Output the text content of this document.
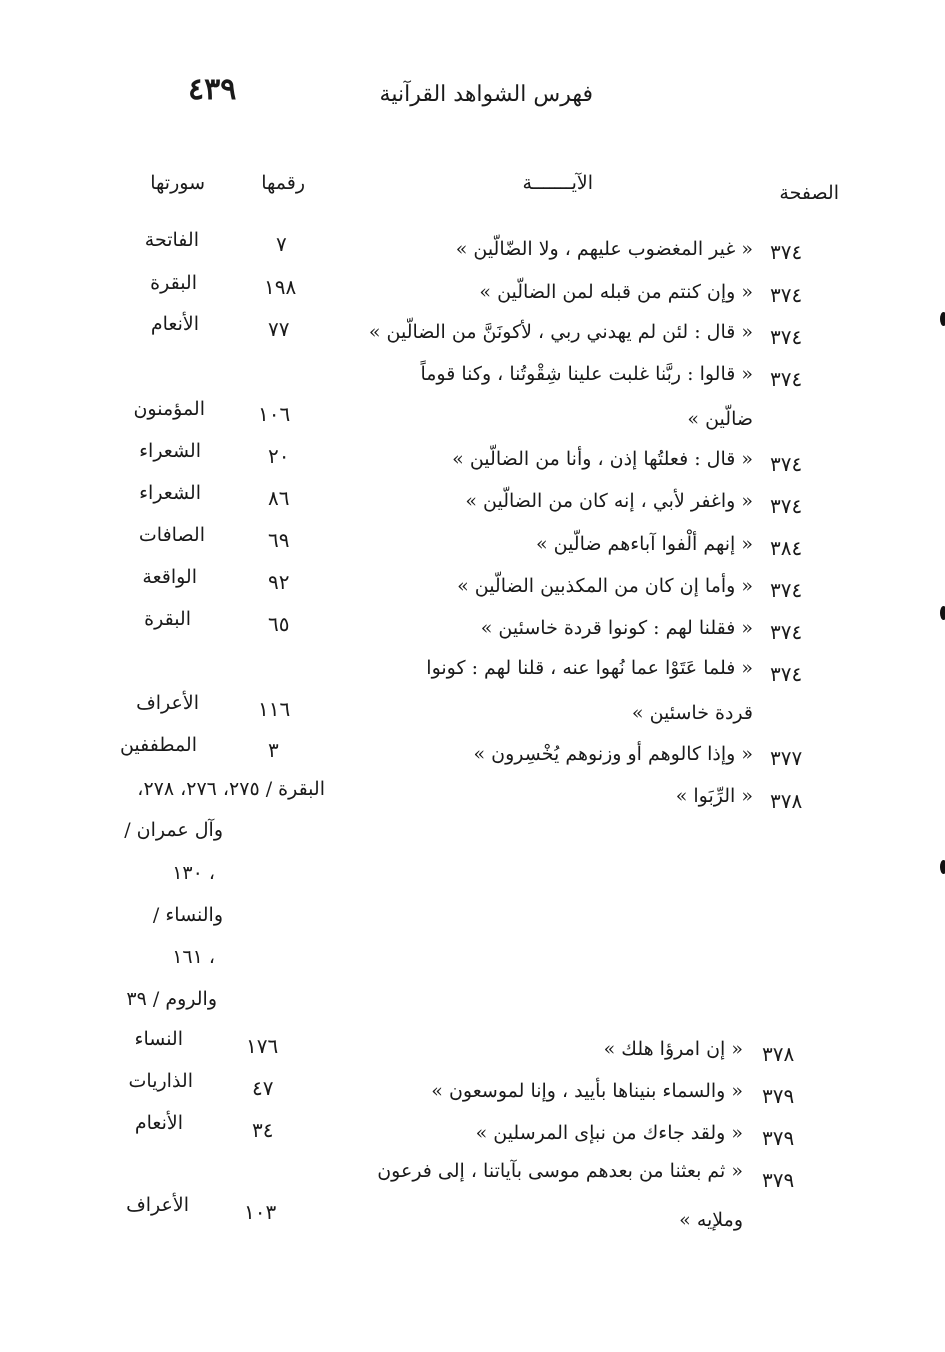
٤٣٩	فهرس الشواهد القرآنية
الصفحة
الآيـــــــة
رقمها
سورتها
٣٧٤
« غير المغضوب عليهم ، ولا الضّالّين »
٣٧٤
« وإن كنتم من قبله لمن الضالّين »
٣٧٤
« قال : لئن لم يهدني ربي ، لأكونَنَّ من الضالّين »
٣٧٤
« قالوا : ربَّنا غلبت علينا شِقْوتُنا ، وكنا قوماً
ضالّين »
٣٧٤
« قال : فعلتُها إذن ، وأنا من الضالّين »
٣٧٤
« واغفر لأبي ، إنه كان من الضالّين »
٣٨٤
« إنهم ألْفوا آباءهم ضالّين »
٣٧٤
« وأما إن كان من المكذبين الضالّين »
٣٧٤
« فقلنا لهم : كونوا قردة خاسئين »
٣٧٤
« فلما عَتَوْا عما نُهوا عنه ، قلنا لهم : كونوا
قردة خاسئين »
٣٧٧
« وإذا كالوهم أو وزنوهم يُخْسِرون »
٣٧٨
« الرِّبَوا »
٣٧٨
« إن امرؤا هلك »
٣٧٩
« والسماء بنيناها بأييد ، وإنا لموسعون »
٣٧٩
« ولقد جاءك من نبإى المرسلين »
٣٧٩
« ثم بعثنا من بعدهم موسى بآياتنا ، إلى فرعون
وملإيه »
٧
الفاتحة
١٩٨
البقرة
٧٧
الأنعام
١٠٦
المؤمنون
٢٠
الشعراء
٨٦
الشعراء
٦٩
الصافات
٩٢
الواقعة
٦٥
البقرة
١١٦
الأعراف
٣
المطففين
البقرة / ٢٧٥، ٢٧٦، ٢٧٨،
وآل عمران /
١٣٠ ،
والنساء /
١٦١ ،
والروم / ٣٩
١٧٦
النساء
٤٧
الذاريات
٣٤
الأنعام
١٠٣
الأعراف
